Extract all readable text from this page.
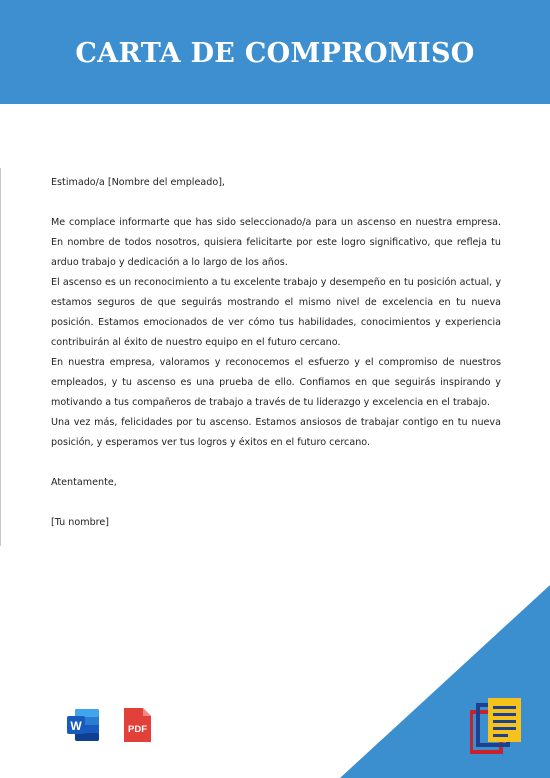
CARTA DE COMPROMISO

Estimado/a [Nombre del empleado],

Me complace informarte que has sido seleccionado/a para un ascenso en nuestra empresa. En nombre de todos nosotros, quisiera felicitarte por este logro significativo, que refleja tu arduo trabajo y dedicación a lo largo de los años.

El ascenso es un reconocimiento a tu excelente trabajo y desempeño en tu posición actual, y estamos seguros de que seguirás mostrando el mismo nivel de excelencia en tu nueva posición. Estamos emocionados de ver cómo tus habilidades, conocimientos y experiencia contribuirán al éxito de nuestro equipo en el futuro cercano.

En nuestra empresa, valoramos y reconocemos el esfuerzo y el compromiso de nuestros empleados, y tu ascenso es una prueba de ello. Confiamos en que seguirás inspirando y motivando a tus compañeros de trabajo a través de tu liderazgo y excelencia en el trabajo.

Una vez más, felicidades por tu ascenso. Estamos ansiosos de trabajar contigo en tu nueva posición, y esperamos ver tus logros y éxitos en el futuro cercano.

Atentamente,

[Tu nombre]

W	PDF
